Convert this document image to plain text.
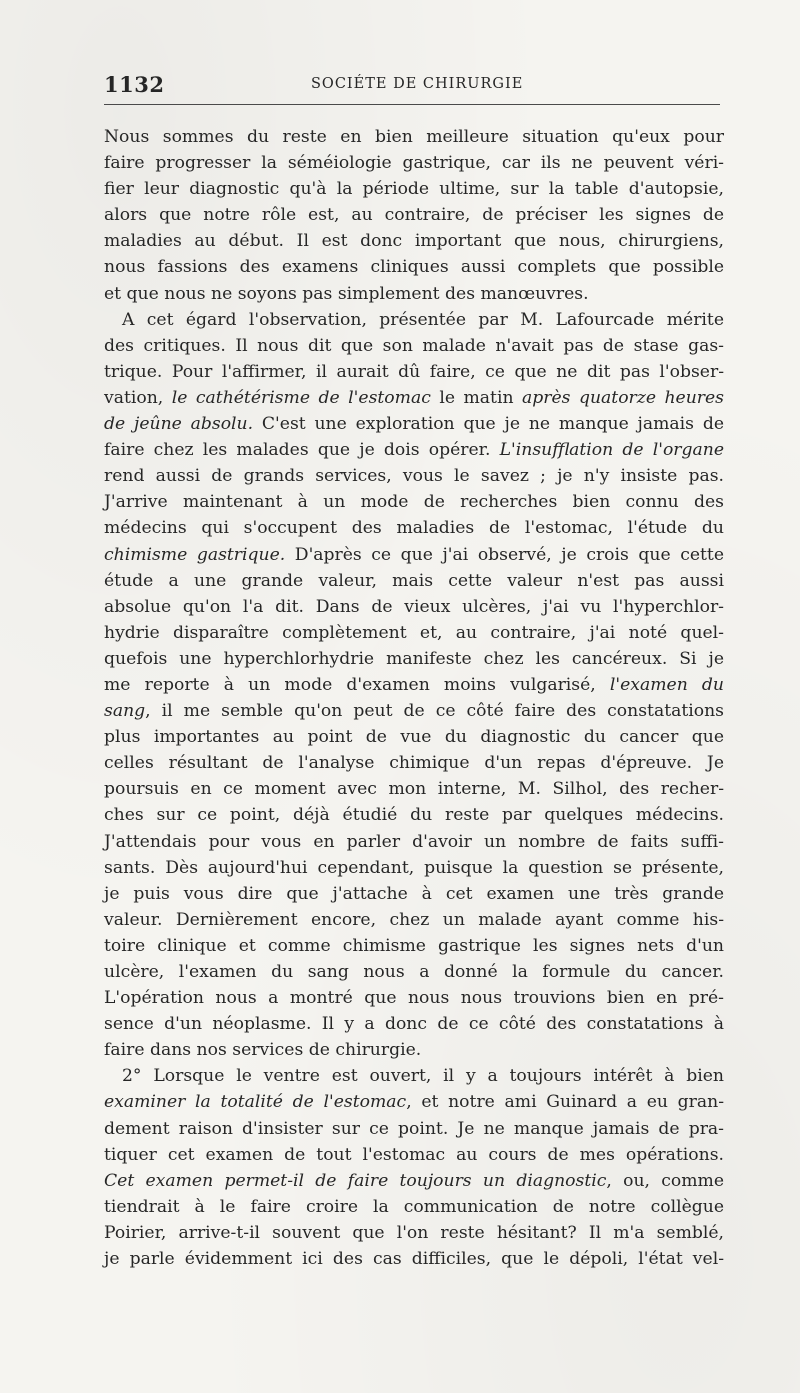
1132	SOCIÉTE DE CHIRURGIE
Nous sommes du reste en bien meilleure situation qu'eux pour
faire progresser la séméiologie gastrique, car ils ne peuvent véri-
fier leur diagnostic qu'à la période ultime, sur la table d'autopsie,
alors que notre rôle est, au contraire, de préciser les signes de
maladies au début. Il est donc important que nous, chirurgiens,
nous fassions des examens cliniques aussi complets que possible
et que nous ne soyons pas simplement des manœuvres.
A cet égard l'observation, présentée par M. Lafourcade mérite
des critiques. Il nous dit que son malade n'avait pas de stase gas-
trique. Pour l'affirmer, il aurait dû faire, ce que ne dit pas l'obser-
vation, le cathétérisme de l'estomac le matin après quatorze heures
de jeûne absolu. C'est une exploration que je ne manque jamais de
faire chez les malades que je dois opérer. L'insufflation de l'organe
rend aussi de grands services, vous le savez ; je n'y insiste pas.
J'arrive maintenant à un mode de recherches bien connu des
médecins qui s'occupent des maladies de l'estomac, l'étude du
chimisme gastrique. D'après ce que j'ai observé, je crois que cette
étude a une grande valeur, mais cette valeur n'est pas aussi
absolue qu'on l'a dit. Dans de vieux ulcères, j'ai vu l'hyperchlor-
hydrie disparaître complètement et, au contraire, j'ai noté quel-
quefois une hyperchlorhydrie manifeste chez les cancéreux. Si je
me reporte à un mode d'examen moins vulgarisé, l'examen du
sang, il me semble qu'on peut de ce côté faire des constatations
plus importantes au point de vue du diagnostic du cancer que
celles résultant de l'analyse chimique d'un repas d'épreuve. Je
poursuis en ce moment avec mon interne, M. Silhol, des recher-
ches sur ce point, déjà étudié du reste par quelques médecins.
J'attendais pour vous en parler d'avoir un nombre de faits suffi-
sants. Dès aujourd'hui cependant, puisque la question se présente,
je puis vous dire que j'attache à cet examen une très grande
valeur. Dernièrement encore, chez un malade ayant comme his-
toire clinique et comme chimisme gastrique les signes nets d'un
ulcère, l'examen du sang nous a donné la formule du cancer.
L'opération nous a montré que nous nous trouvions bien en pré-
sence d'un néoplasme. Il y a donc de ce côté des constatations à
faire dans nos services de chirurgie.
2° Lorsque le ventre est ouvert, il y a toujours intérêt à bien
examiner la totalité de l'estomac, et notre ami Guinard a eu gran-
dement raison d'insister sur ce point. Je ne manque jamais de pra-
tiquer cet examen de tout l'estomac au cours de mes opérations.
Cet examen permet-il de faire toujours un diagnostic, ou, comme
tiendrait à le faire croire la communication de notre collègue
Poirier, arrive-t-il souvent que l'on reste hésitant? Il m'a semblé,
je parle évidemment ici des cas difficiles, que le dépoli, l'état vel-
